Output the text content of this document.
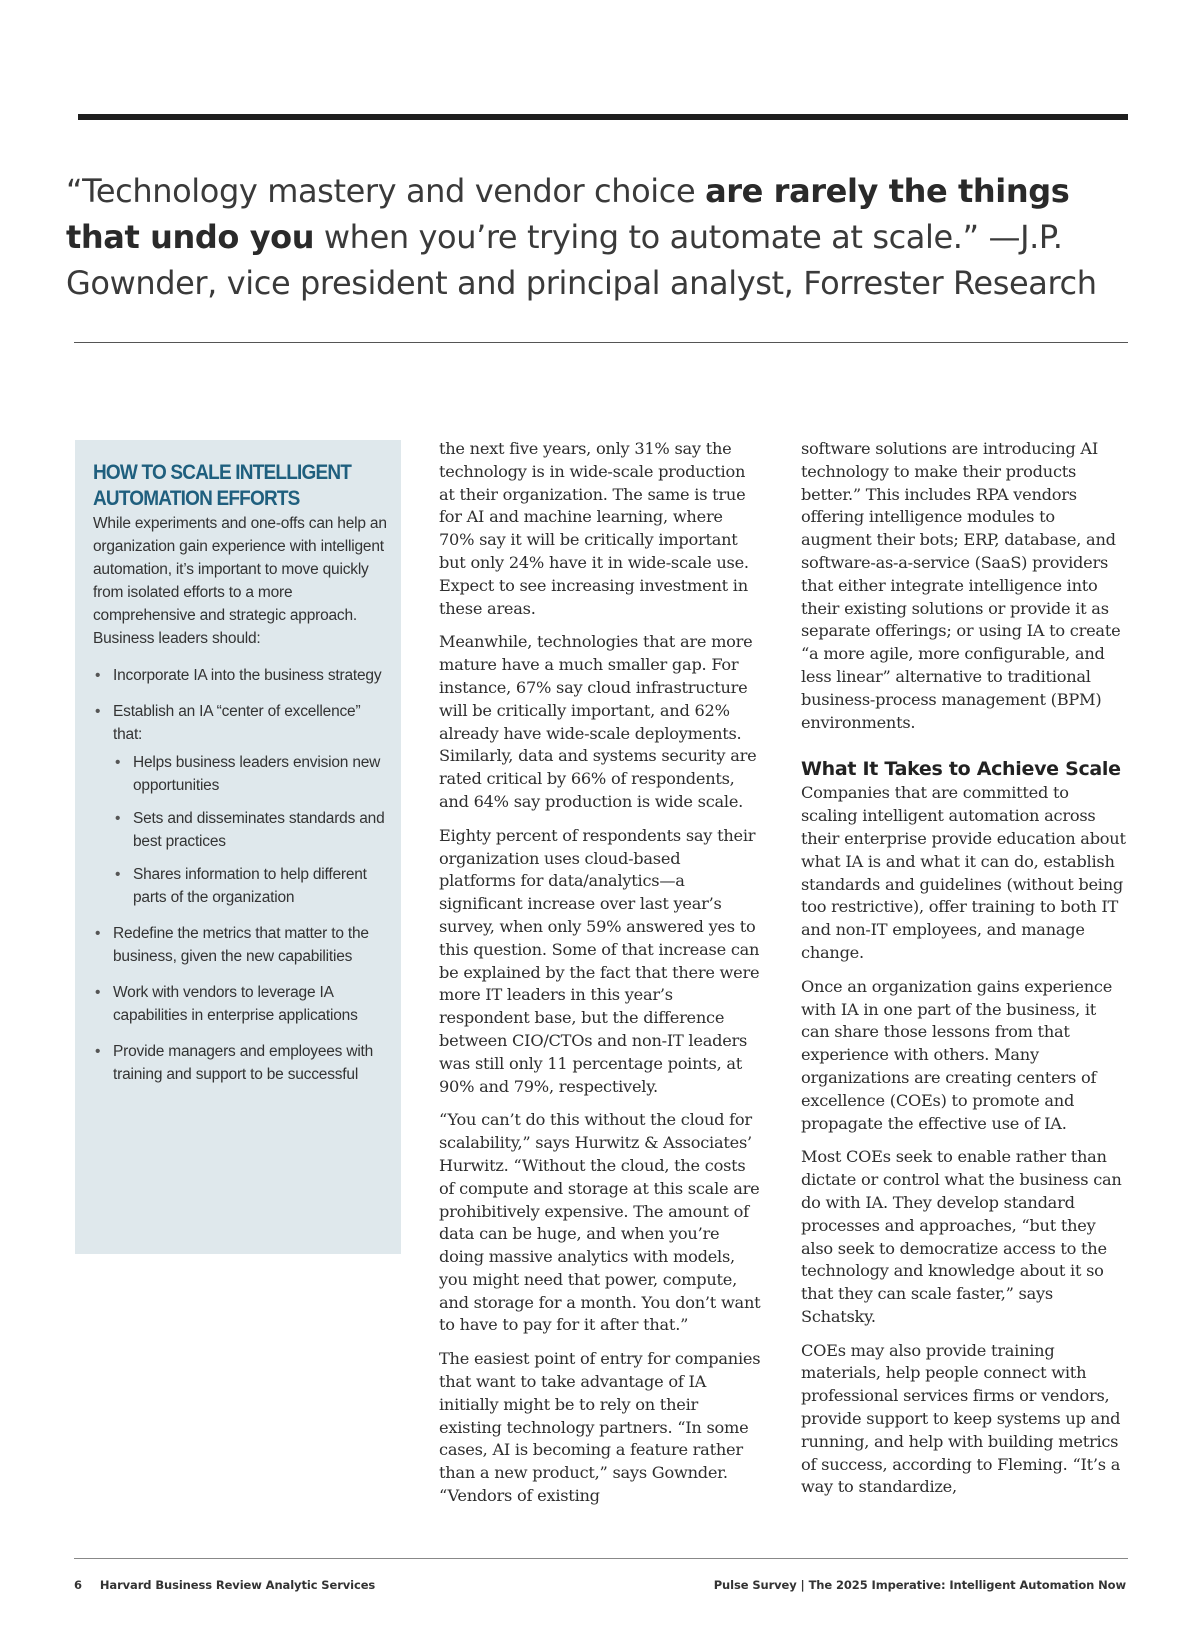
“Technology mastery and vendor choice are rarely the things that undo you when you’re trying to automate at scale.” —J.P. Gownder, vice president and principal analyst, Forrester Research

HOW TO SCALE INTELLIGENT AUTOMATION EFFORTS

While experiments and one-offs can help an organization gain experience with intelligent automation, it’s important to move quickly from isolated efforts to a more comprehensive and strategic approach. Business leaders should:

• Incorporate IA into the business strategy
• Establish an IA “center of excellence” that:
• Helps business leaders envision new opportunities
• Sets and disseminates standards and best practices
• Shares information to help different parts of the organization
• Redefine the metrics that matter to the business, given the new capabilities
• Work with vendors to leverage IA capabilities in enterprise applications
• Provide managers and employees with training and support to be successful

the next five years, only 31% say the technology is in wide-scale production at their organization. The same is true for AI and machine learning, where 70% say it will be critically important but only 24% have it in wide-scale use. Expect to see increasing investment in these areas.

Meanwhile, technologies that are more mature have a much smaller gap. For instance, 67% say cloud infrastructure will be critically important, and 62% already have wide-scale deployments. Similarly, data and systems security are rated critical by 66% of respondents, and 64% say production is wide scale.

Eighty percent of respondents say their organization uses cloud-based platforms for data/analytics—a significant increase over last year’s survey, when only 59% answered yes to this question. Some of that increase can be explained by the fact that there were more IT leaders in this year’s respondent base, but the difference between CIO/CTOs and non-IT leaders was still only 11 percentage points, at 90% and 79%, respectively.

“You can’t do this without the cloud for scalability,” says Hurwitz & Associates’ Hurwitz. “Without the cloud, the costs of compute and storage at this scale are prohibitively expensive. The amount of data can be huge, and when you’re doing massive analytics with models, you might need that power, compute, and storage for a month. You don’t want to have to pay for it after that.”

The easiest point of entry for companies that want to take advantage of IA initially might be to rely on their existing technology partners. “In some cases, AI is becoming a feature rather than a new product,” says Gownder. “Vendors of existing

software solutions are introducing AI technology to make their products better.” This includes RPA vendors offering intelligence modules to augment their bots; ERP, database, and software-as-a-service (SaaS) providers that either integrate intelligence into their existing solutions or provide it as separate offerings; or using IA to create “a more agile, more configurable, and less linear” alternative to traditional business-process management (BPM) environments.

What It Takes to Achieve Scale

Companies that are committed to scaling intelligent automation across their enterprise provide education about what IA is and what it can do, establish standards and guidelines (without being too restrictive), offer training to both IT and non-IT employees, and manage change.

Once an organization gains experience with IA in one part of the business, it can share those lessons from that experience with others. Many organizations are creating centers of excellence (COEs) to promote and propagate the effective use of IA.

Most COEs seek to enable rather than dictate or control what the business can do with IA. They develop standard processes and approaches, “but they also seek to democratize access to the technology and knowledge about it so that they can scale faster,” says Schatsky.

COEs may also provide training materials, help people connect with professional services firms or vendors, provide support to keep systems up and running, and help with building metrics of success, according to Fleming. “It’s a way to standardize,

6 Harvard Business Review Analytic Services	Pulse Survey | The 2025 Imperative: Intelligent Automation Now
